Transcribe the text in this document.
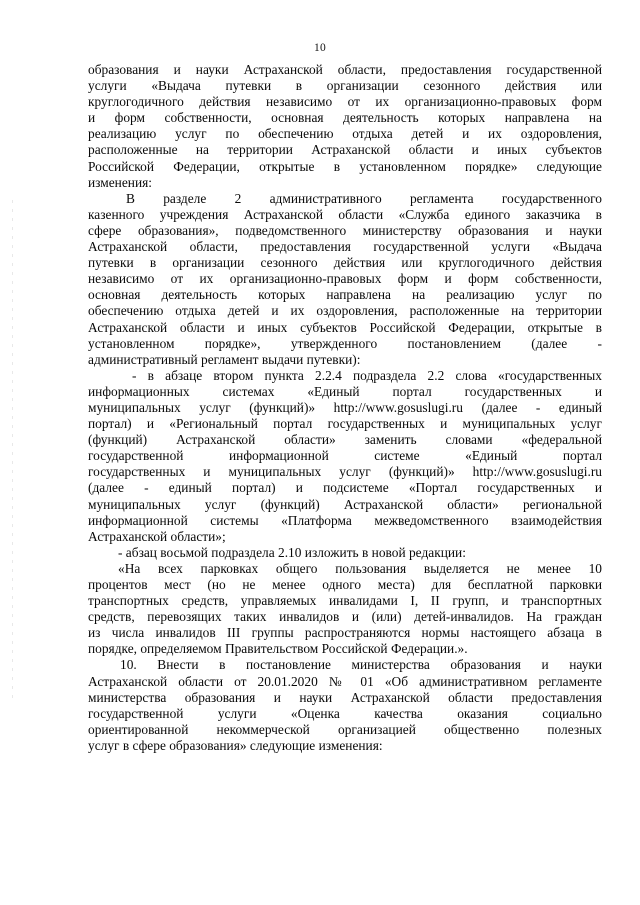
10
образования и науки Астраханской области, предоставления государственной
услуги «Выдача путевки в организации сезонного действия или
круглогодичного действия независимо от их организационно-правовых форм
и форм собственности, основная деятельность которых направлена на
реализацию услуг по обеспечению отдыха детей и их оздоровления,
расположенные на территории Астраханской области и иных субъектов
Российской Федерации, открытые в установленном порядке» следующие
изменения:
В разделе 2 административного регламента государственного
казенного учреждения Астраханской области «Служба единого заказчика в
сфере образования», подведомственного министерству образования и науки
Астраханской области, предоставления государственной услуги «Выдача
путевки в организации сезонного действия или круглогодичного действия
независимо от их организационно-правовых форм и форм собственности,
основная деятельность которых направлена на реализацию услуг по
обеспечению отдыха детей и их оздоровления, расположенные на территории
Астраханской области и иных субъектов Российской Федерации, открытые в
установленном порядке», утвержденного постановлением (далее -
административный регламент выдачи путевки):
- в абзаце втором пункта 2.2.4 подраздела 2.2 слова «государственных
информационных системах «Единый портал государственных и
муниципальных услуг (функций)» http://www.gosuslugi.ru (далее - единый
портал) и «Региональный портал государственных и муниципальных услуг
(функций) Астраханской области» заменить словами «федеральной
государственной информационной системе «Единый портал
государственных и муниципальных услуг (функций)» http://www.gosuslugi.ru
(далее - единый портал) и подсистеме «Портал государственных и
муниципальных услуг (функций) Астраханской области» региональной
информационной системы «Платформа межведомственного взаимодействия
Астраханской области»;
- абзац восьмой подраздела 2.10 изложить в новой редакции:
«На всех парковках общего пользования выделяется не менее 10
процентов мест (но не менее одного места) для бесплатной парковки
транспортных средств, управляемых инвалидами I, II групп, и транспортных
средств, перевозящих таких инвалидов и (или) детей-инвалидов. На граждан
из числа инвалидов III группы распространяются нормы настоящего абзаца в
порядке, определяемом Правительством Российской Федерации.».
10. Внести в постановление министерства образования и науки
Астраханской области от 20.01.2020 № 01 «Об административном регламенте
министерства образования и науки Астраханской области предоставления
государственной услуги «Оценка качества оказания социально
ориентированной некоммерческой организацией общественно полезных
услуг в сфере образования» следующие изменения:
